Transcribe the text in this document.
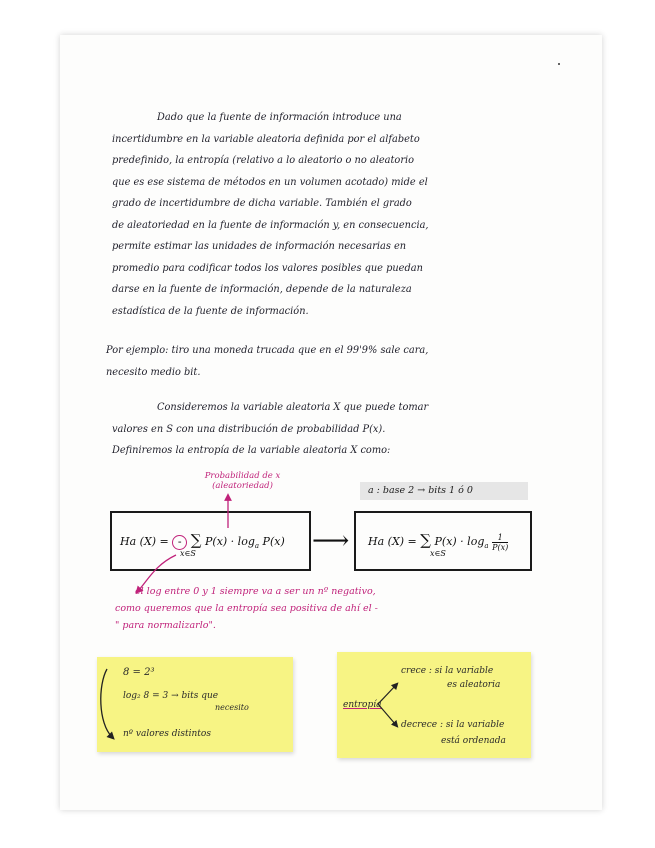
Dado que la fuente de información introduce una
incertidumbre en la variable aleatoria definida por el alfabeto
predefinido, la entropía (relativo a lo aleatorio o no aleatorio
que es ese sistema de métodos en un volumen acotado) mide el
grado de incertidumbre de dicha variable. También el grado
de aleatoriedad en la fuente de información y, en consecuencia,
permite estimar las unidades de información necesarias en
promedio para codificar todos los valores posibles que puedan
darse en la fuente de información, depende de la naturaleza
estadística de la fuente de información.
Por ejemplo: tiro una moneda trucada que en el 99'9% sale cara,
necesito medio bit.
Consideremos la variable aleatoria X que puede tomar
valores en S con una distribución de probabilidad P(x).
Definiremos la entropía de la variable aleatoria X como:
Probabilidad de x
(aleatoriedad)	a : base 2 → bits 1 ó 0
Ha (X) = - ∑ $P(x) \cdot \log_a P(x)$
x∈S	⟶ Ha (X) = ∑ $P(x) \cdot \log_a \frac{1}{P(x)}$
x∈S
el log entre 0 y 1 siempre va a ser un nº negativo,
como queremos que la entropía sea positiva de ahí el -
" para normalizarlo".
8 = 2³
log₂ 8 = 3 → bits que
necesito
nº valores distintos
entropía
crece : si la variable
es aleatoria
decrece : si la variable
está ordenada
